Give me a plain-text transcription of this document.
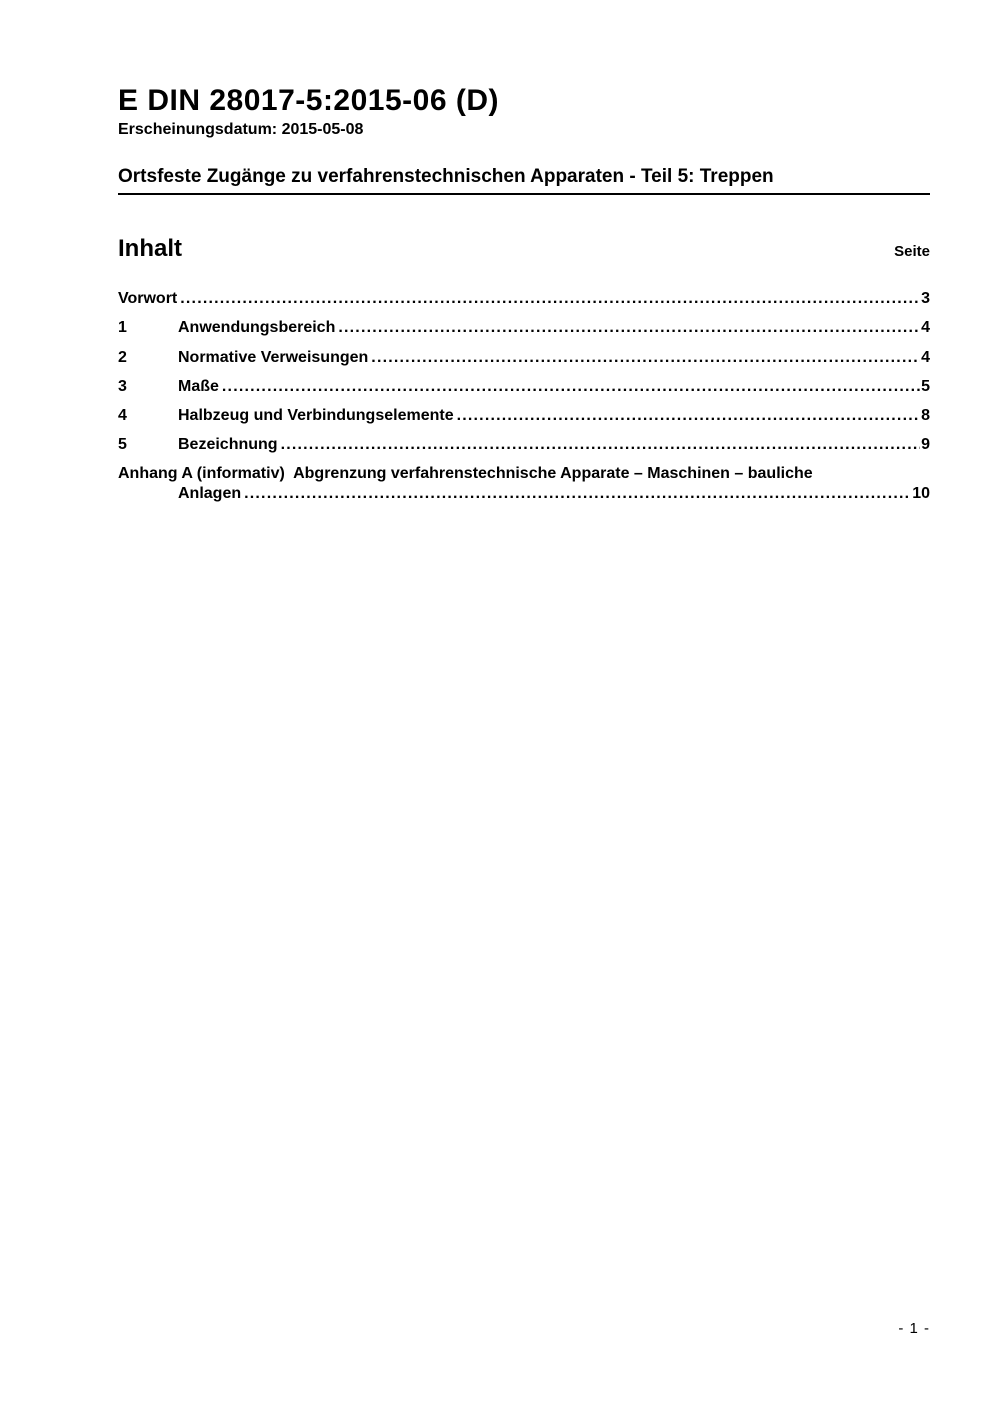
E DIN 28017-5:2015-06 (D)
Erscheinungsdatum: 2015-05-08
Ortsfeste Zugänge zu verfahrenstechnischen Apparaten - Teil 5: Treppen
Inhalt	Seite
Vorwort .....	3
1	Anwendungsbereich .....	4
2	Normative Verweisungen .....	4
3	Maße .....	5
4	Halbzeug und Verbindungselemente .....	8
5	Bezeichnung .....	9
Anhang A (informativ)  Abgrenzung verfahrenstechnische Apparate – Maschinen – bauliche
Anlagen .....	10
- 1 -
